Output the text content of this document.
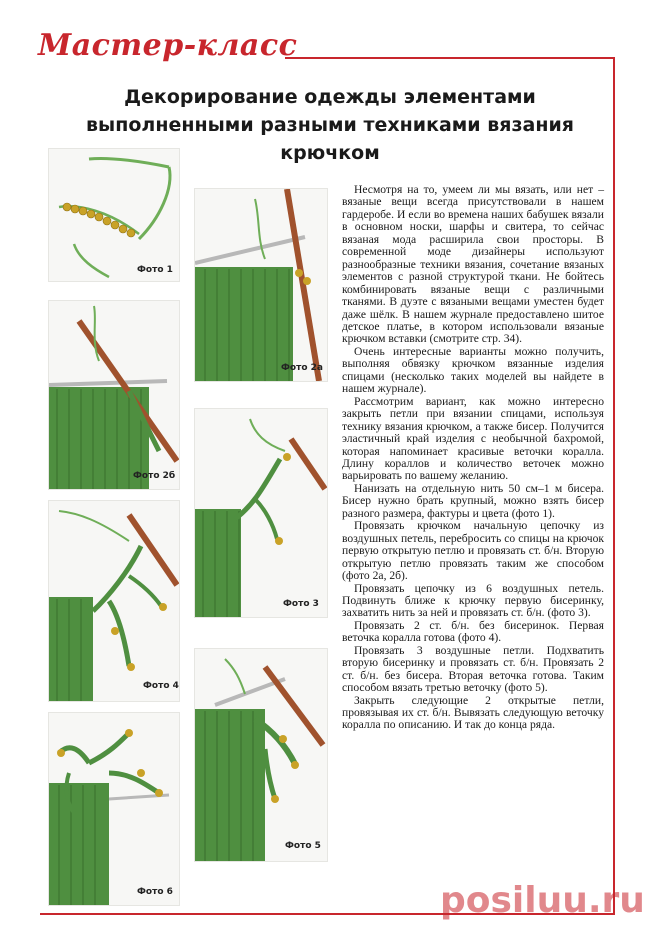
Мастер-класс
Декорирование одежды элементами выполненными разными техниками вязания крючком
Фото 1
Фото 2а
Фото 2б
Фото 3
Фото 4
Фото 5
Фото 6

Несмотря на то, умеем ли мы вязать, или нет – вязаные вещи всегда присутствовали в нашем гардеробе. И если во времена наших бабушек вязали в основном носки, шарфы и свитера, то сейчас вязаная мода расширила свои просторы. В современной моде дизайнеры используют разнообразные техники вязания, сочетание вязаных элементов с разной структурой ткани. Не бойтесь комбинировать вязаные вещи с различными тканями. В дуэте с вязаными вещами уместен будет даже шёлк. В нашем журнале предоставлено шитое детское платье, в котором использовали вязаные крючком вставки (смотрите стр. 34).

Очень интересные варианты можно получить, выполняя обвязку крючком вязанные изделия спицами (несколько таких моделей вы найдете в нашем журнале).

Рассмотрим вариант, как можно интересно закрыть петли при вязании спицами, используя технику вязания крючком, а также бисер. Получится эластичный край изделия с необычной бахромой, которая напоминает красивые веточки коралла. Длину кораллов и количество веточек можно варьировать по вашему желанию.

Нанизать на отдельную нить 50 см–1 м бисера. Бисер нужно брать крупный, можно взять бисер разного размера, фактуры и цвета (фото 1).

Провязать крючком начальную цепочку из воздушных петель, перебросить со спицы на крючок первую открытую петлю и провязать ст. б/н. Вторую открытую петлю провязать таким же способом (фото 2а, 2б).

Провязать цепочку из 6 воздушных петель. Подвинуть ближе к крючку первую бисеринку, захватить нить за ней и провязать ст. б/н. (фото 3).

Провязать 2 ст. б/н. без бисеринок. Первая веточка коралла готова (фото 4).

Провязать 3 воздушные петли. Подхватить вторую бисеринку и провязать ст. б/н. Провязать 2 ст. б/н. без бисера. Вторая веточка готова. Таким способом вязать третью веточку (фото 5).

Закрыть следующие 2 открытые петли, провязывая их ст. б/н. Вывязать следующую веточку коралла по описанию. И так до конца ряда.

posiluu.ru
